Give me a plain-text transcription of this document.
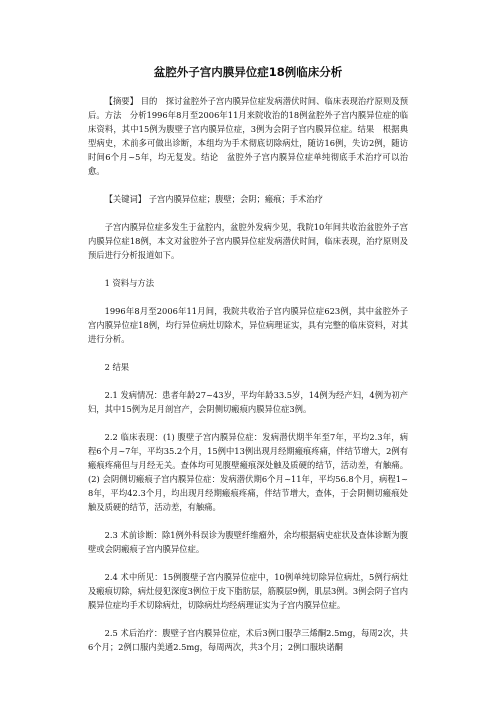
盆腔外子宫内膜异位症18例临床分析

【摘要】 目的　探讨盆腔外子宫内膜异位症发病潜伏时间、临床表现治疗原则及预后。方法　分析1996年8月至2006年11月来院收治的18例盆腔外子宫内膜异位症的临床资料，其中15例为腹壁子宫内膜异位症，3例为会阴子宫内膜异位症。结果　根据典型病史，术前多可做出诊断，本组均为手术彻底切除病灶，随访16例，失访2例，随访时间6个月~5年，均无复发。结论　盆腔外子宫内膜异位症单纯彻底手术治疗可以治愈。

【关键词】 子宫内膜异位症；腹壁；会阴；瘢痕；手术治疗

子宫内膜异位症多发生于盆腔内，盆腔外发病少见，我院10年间共收治盆腔外子宫内膜异位症18例，本文对盆腔外子宫内膜异位症发病潜伏时间，临床表现，治疗原则及预后进行分析报道如下。

1 资料与方法

1996年8月至2006年11月间，我院共收治子宫内膜异位症623例，其中盆腔外子宫内膜异位症18例，均行异位病灶切除术，异位病理证实，具有完整的临床资料，对其进行分析。

2 结果

2.1 发病情况：患者年龄27~43岁，平均年龄33.5岁，14例为经产妇，4例为初产妇，其中15例为足月剖宫产，会阴侧切瘢痕内膜异位症3例。

2.2 临床表现：(1) 腹壁子宫内膜异位症：发病潜伏期半年至7年，平均2.3年，病程6个月~7年，平均35.2个月，15例中13例出现月经期瘢痕疼痛，伴结节增大，2例有瘢痕疼痛但与月经无关。查体均可见腹壁瘢痕深处触及质硬的结节，活动差，有触痛。(2) 会阴侧切瘢痕子宫内膜异位症：发病潜伏期6个月~11年，平均56.8个月，病程1~8年，平均42.3个月，均出现月经期瘢痕疼痛，伴结节增大，查体，于会阴侧切瘢痕处触及质硬的结节，活动差，有触痛。

2.3 术前诊断：除1例外科误诊为腹壁纤维瘤外，余均根据病史症状及查体诊断为腹壁或会阴瘢痕子宫内膜异位症。

2.4 术中所见：15例腹壁子宫内膜异位症中，10例单纯切除异位病灶，5例行病灶及瘢痕切除，病灶侵犯深度3例位于皮下脂肪层，筋膜层9例，肌层3例。3例会阴子宫内膜异位症均手术切除病灶，切除病灶均经病理证实为子宫内膜异位症。

2.5 术后治疗：腹壁子宫内膜异位症，术后3例口服孕三烯酮2.5mg，每周2次，共6个月；2例口服内美通2.5mg，每周两次，共3个月；2例口服块诺酮
